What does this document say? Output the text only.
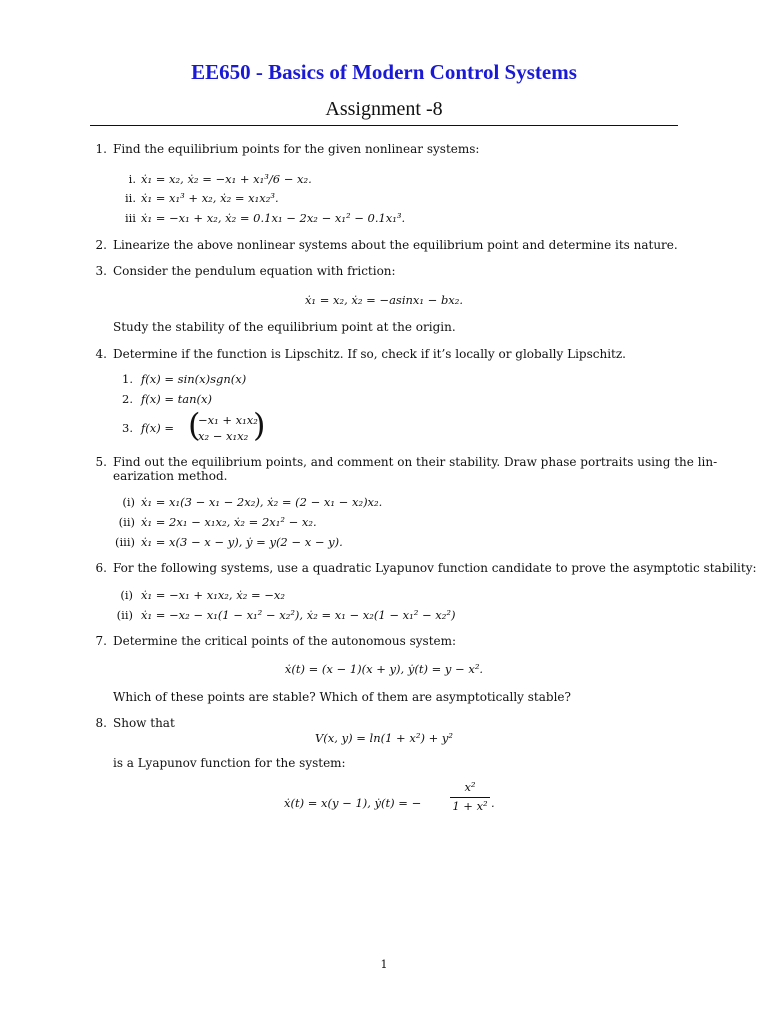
EE650 - Basics of Modern Control Systems
Assignment -8
1. Find the equilibrium points for the given nonlinear systems:
i. ẋ₁ = x₂, ẋ₂ = −x₁ + x₁³/6 − x₂.
ii. ẋ₁ = x₁³ + x₂, ẋ₂ = x₁x₂³.
iii ẋ₁ = −x₁ + x₂, ẋ₂ = 0.1x₁ − 2x₂ − x₁² − 0.1x₁³.
2. Linearize the above nonlinear systems about the equilibrium point and determine its nature.
3. Consider the pendulum equation with friction:
ẋ₁ = x₂, ẋ₂ = −asinx₁ − bx₂.
Study the stability of the equilibrium point at the origin.
4. Determine if the function is Lipschitz. If so, check if it’s locally or globally Lipschitz.
1. f(x) = sin(x)sgn(x)
2. f(x) = tan(x)
3. f(x) = (
−x₁ + x₁x₂
x₂ − x₁x₂ )
5. Find out the equilibrium points, and comment on their stability. Draw phase portraits using the lin-
earization method.
(i) ẋ₁ = x₁(3 − x₁ − 2x₂), ẋ₂ = (2 − x₁ − x₂)x₂.
(ii) ẋ₁ = 2x₁ − x₁x₂, ẋ₂ = 2x₁² − x₂.
(iii) ẋ₁ = x(3 − x − y), ẏ = y(2 − x − y).
6. For the following systems, use a quadratic Lyapunov function candidate to prove the asymptotic stability:
(i) ẋ₁ = −x₁ + x₁x₂, ẋ₂ = −x₂
(ii) ẋ₁ = −x₂ − x₁(1 − x₁² − x₂²), ẋ₂ = x₁ − x₂(1 − x₁² − x₂²)
7. Determine the critical points of the autonomous system:
ẋ(t) = (x − 1)(x + y), ẏ(t) = y − x².
Which of these points are stable? Which of them are asymptotically stable?
8. Show that
V(x, y) = ln(1 + x²) + y²
is a Lyapunov function for the system:
ẋ(t) = x(y − 1), ẏ(t) = −
x²
1 + x² .
1
